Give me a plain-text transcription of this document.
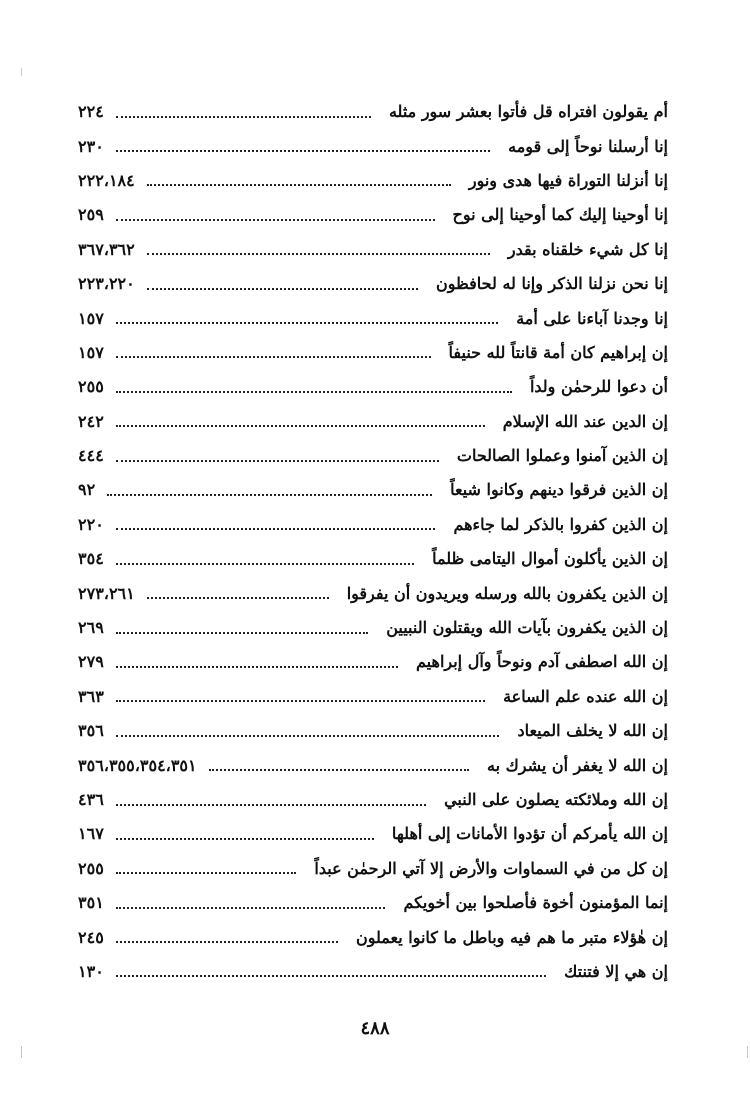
أم يقولون افتراه قل فأتوا بعشر سور مثله
٢٢٤
إنا أرسلنا نوحاً إلى قومه
٢٣٠
إنا أنزلنا التوراة فيها هدى ونور
٢٢٢،١٨٤
إنا أوحينا إليك كما أوحينا إلى نوح
٢٥٩
إنا كل شيء خلقناه بقدر
٣٦٧،٣٦٢
إنا نحن نزلنا الذكر وإنا له لحافظون
٢٢٣،٢٢٠
إنا وجدنا آباءنا على أمة
١٥٧
إن إبراهيم كان أمة قانتاً لله حنيفاً
١٥٧
أن دعوا للرحمٰن ولداً
٢٥٥
إن الدين عند الله الإسلام
٢٤٢
إن الذين آمنوا وعملوا الصالحات
٤٤٤
إن الذين فرقوا دينهم وكانوا شيعاً
٩٢
إن الذين كفروا بالذكر لما جاءهم
٢٢٠
إن الذين يأكلون أموال اليتامى ظلماً
٣٥٤
إن الذين يكفرون بالله ورسله ويريدون أن يفرقوا
٢٧٣،٢٦١
إن الذين يكفرون بآيات الله ويقتلون النبيين
٢٦٩
إن الله اصطفى آدم ونوحاً وآل إبراهيم
٢٧٩
إن الله عنده علم الساعة
٣٦٣
إن الله لا يخلف الميعاد
٣٥٦
إن الله لا يغفر أن يشرك به
٣٥٦،٣٥٥،٣٥٤،٣٥١
إن الله وملائكته يصلون على النبي
٤٣٦
إن الله يأمركم أن تؤدوا الأمانات إلى أهلها
١٦٧
إن كل من في السماوات والأرض إلا آتي الرحمٰن عبداً
٢٥٥
إنما المؤمنون أخوة فأصلحوا بين أخويكم
٣٥١
إن هٰؤلاء متبر ما هم فيه وباطل ما كانوا يعملون
٢٤٥
إن هي إلا فتنتك
١٣٠
٤٨٨
